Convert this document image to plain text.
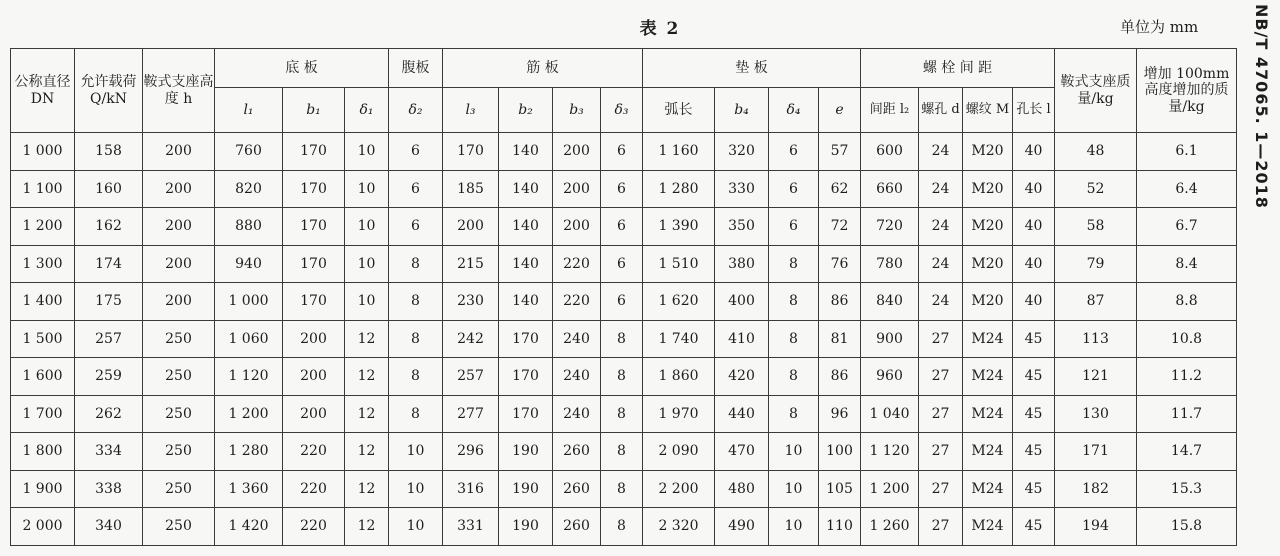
表 2	单位为 mm	NB/T 47065. 1—2018
公称直径 DN	允许载荷 Q/kN	鞍式支座高度 h	底 板			腹板	筋 板				垫 板				螺 栓 间 距				鞍式支座质量/kg	增加 100mm 高度增加的质量/kg
			l₁	b₁	δ₁	δ₂	l₃	b₂	b₃	δ₃	弧长	b₄	δ₄	e	间距 l₂	螺孔 d	螺纹 M	孔长 l		
1 000	158	200	760	170	10	6	170	140	200	6	1 160	320	6	57	600	24	M20	40	48	6.1
1 100	160	200	820	170	10	6	185	140	200	6	1 280	330	6	62	660	24	M20	40	52	6.4
1 200	162	200	880	170	10	6	200	140	200	6	1 390	350	6	72	720	24	M20	40	58	6.7
1 300	174	200	940	170	10	8	215	140	220	6	1 510	380	8	76	780	24	M20	40	79	8.4
1 400	175	200	1 000	170	10	8	230	140	220	6	1 620	400	8	86	840	24	M20	40	87	8.8
1 500	257	250	1 060	200	12	8	242	170	240	8	1 740	410	8	81	900	27	M24	45	113	10.8
1 600	259	250	1 120	200	12	8	257	170	240	8	1 860	420	8	86	960	27	M24	45	121	11.2
1 700	262	250	1 200	200	12	8	277	170	240	8	1 970	440	8	96	1 040	27	M24	45	130	11.7
1 800	334	250	1 280	220	12	10	296	190	260	8	2 090	470	10	100	1 120	27	M24	45	171	14.7
1 900	338	250	1 360	220	12	10	316	190	260	8	2 200	480	10	105	1 200	27	M24	45	182	15.3
2 000	340	250	1 420	220	12	10	331	190	260	8	2 320	490	10	110	1 260	27	M24	45	194	15.8
